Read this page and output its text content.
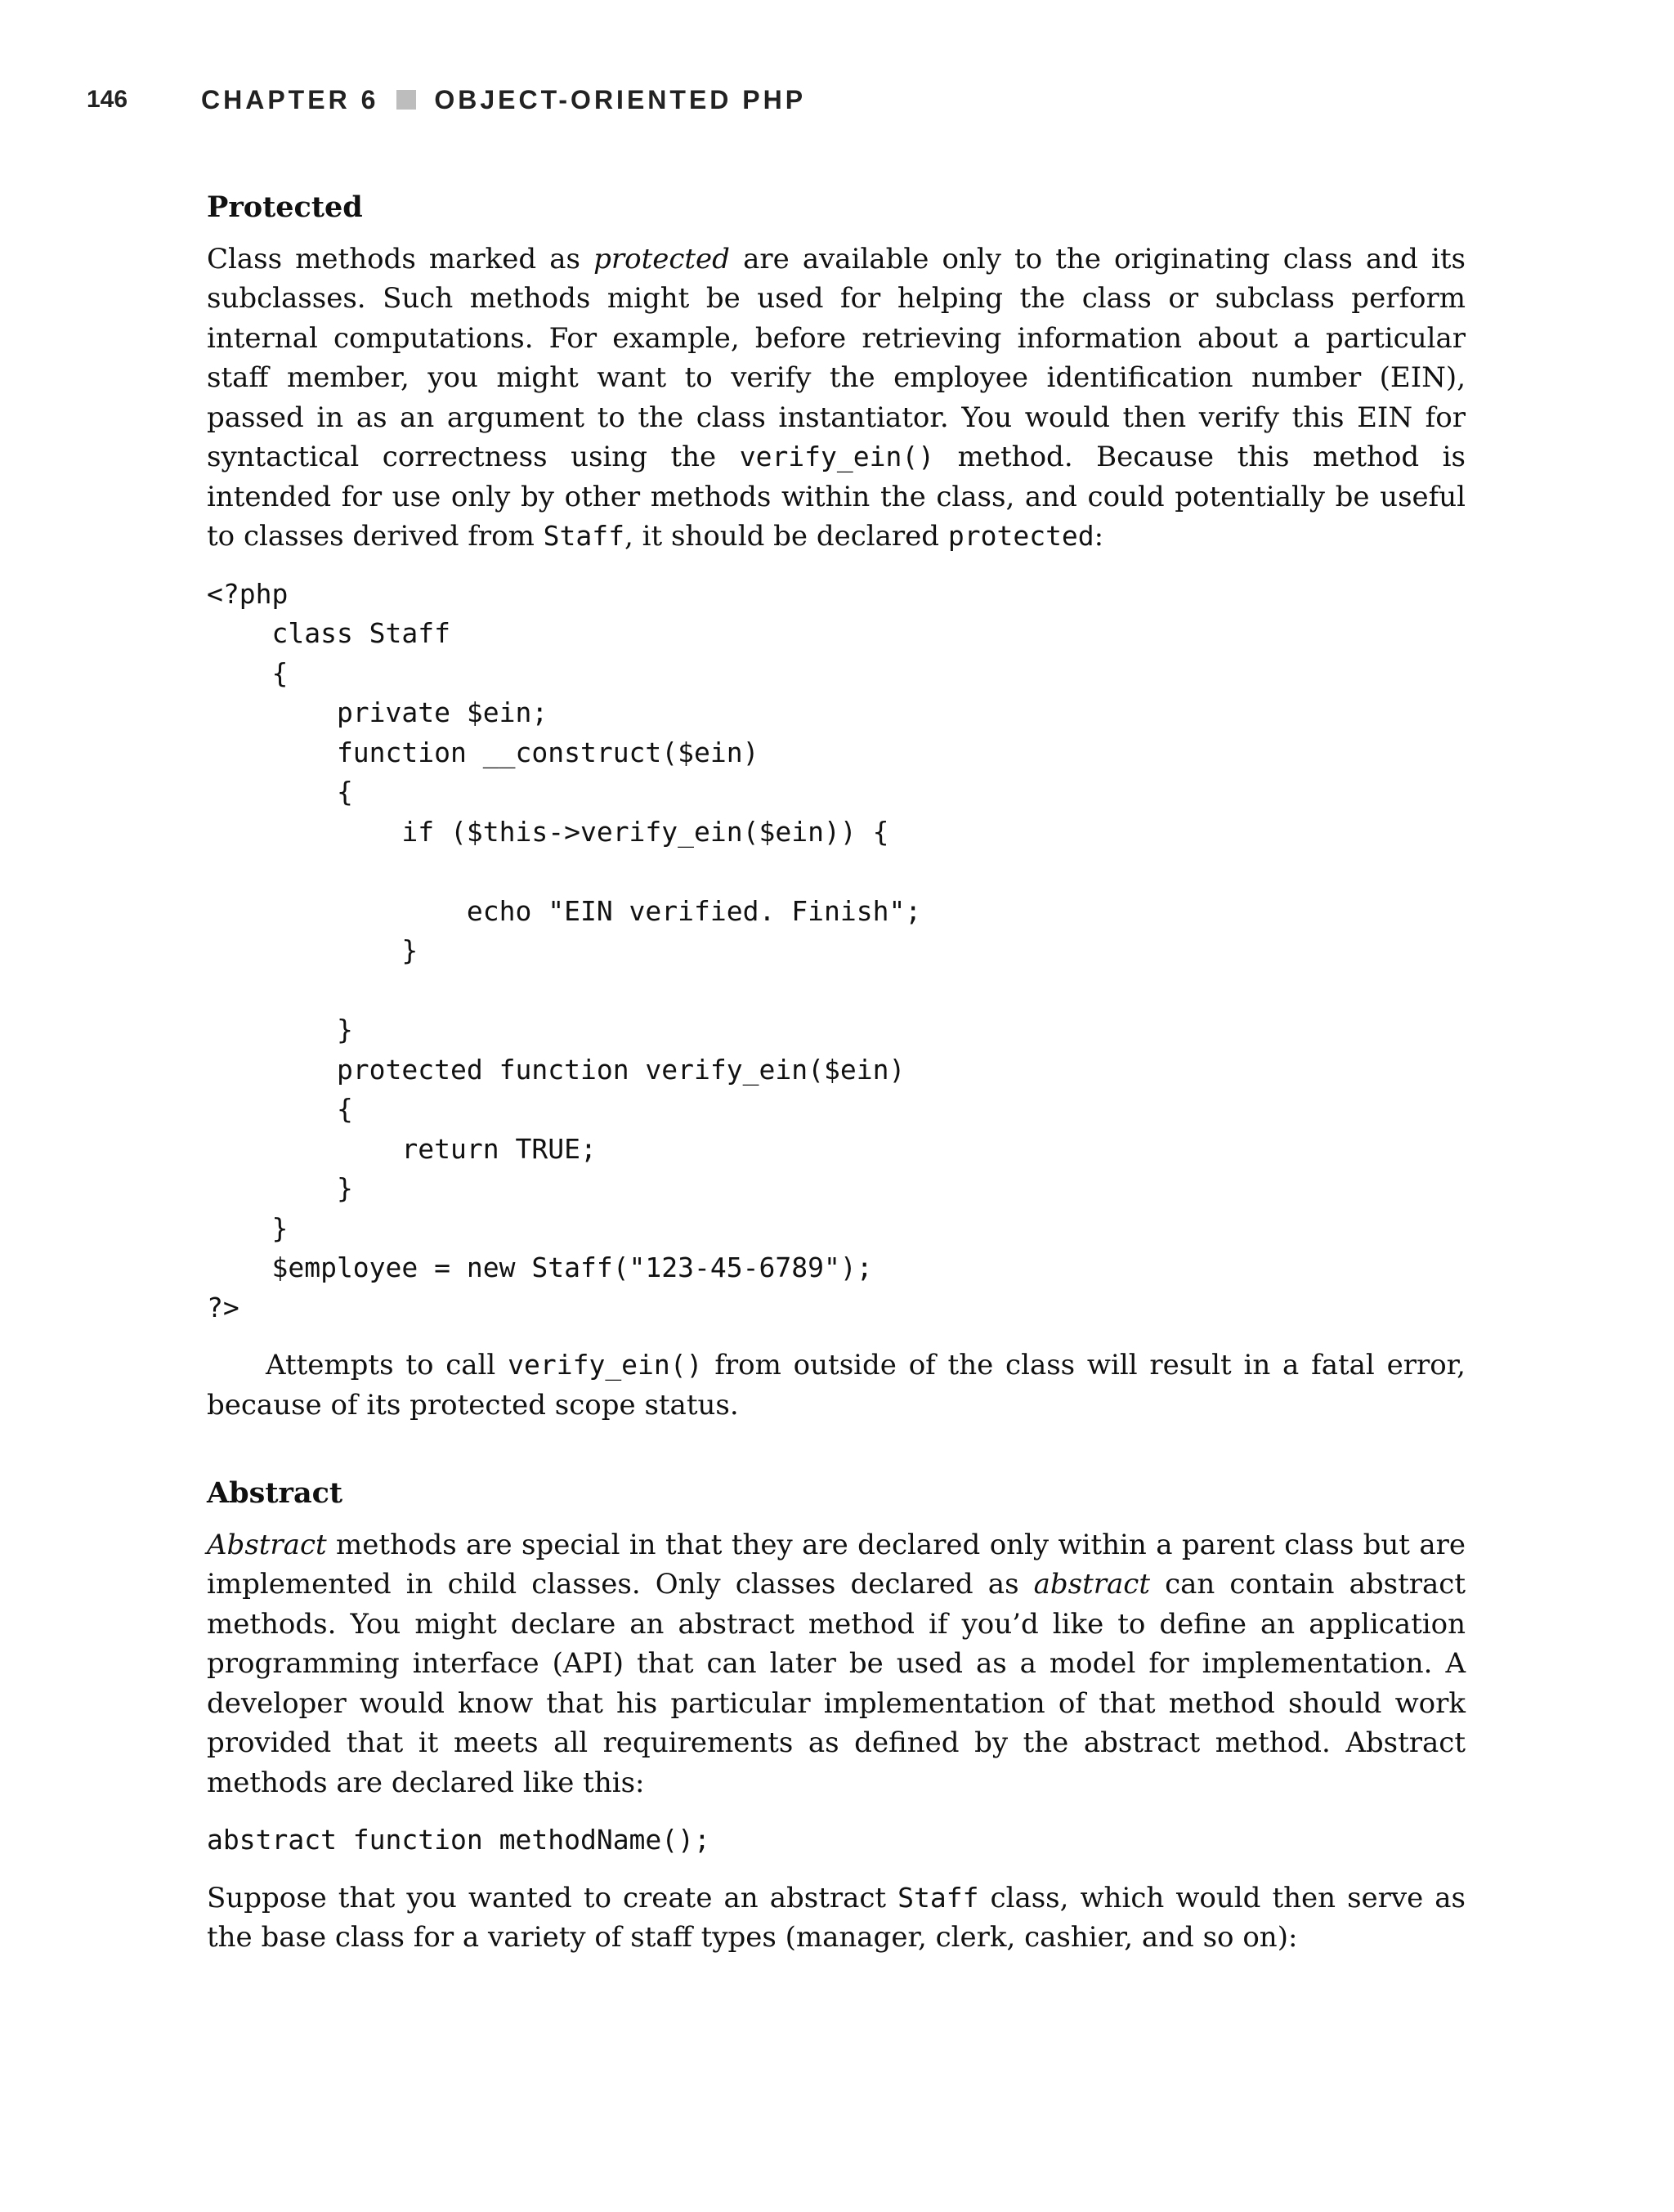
146	CHAPTER 6 OBJECT-ORIENTED PHP
Protected

Class methods marked as protected are available only to the originating class and its subclasses. Such methods might be used for helping the class or subclass perform internal computations. For example, before retrieving information about a particular staff member, you might want to verify the employee identification number (EIN), passed in as an argument to the class instantiator. You would then verify this EIN for syntactical correctness using the verify_ein() method. Because this method is intended for use only by other methods within the class, and could potentially be useful to classes derived from Staff, it should be declared protected:

<?php
class Staff
{
private $ein;
function __construct($ein)
{
if ($this->verify_ein($ein)) {

echo "EIN verified. Finish";
}

}
protected function verify_ein($ein)
{
return TRUE;
}
}
$employee = new Staff("123-45-6789");
?>

Attempts to call verify_ein() from outside of the class will result in a fatal error, because of its protected scope status.

Abstract

Abstract methods are special in that they are declared only within a parent class but are implemented in child classes. Only classes declared as abstract can contain abstract methods. You might declare an abstract method if you’d like to define an application programming interface (API) that can later be used as a model for implementation. A developer would know that his particular implementation of that method should work provided that it meets all requirements as defined by the abstract method. Abstract methods are declared like this:

abstract function methodName();

Suppose that you wanted to create an abstract Staff class, which would then serve as the base class for a variety of staff types (manager, clerk, cashier, and so on):
